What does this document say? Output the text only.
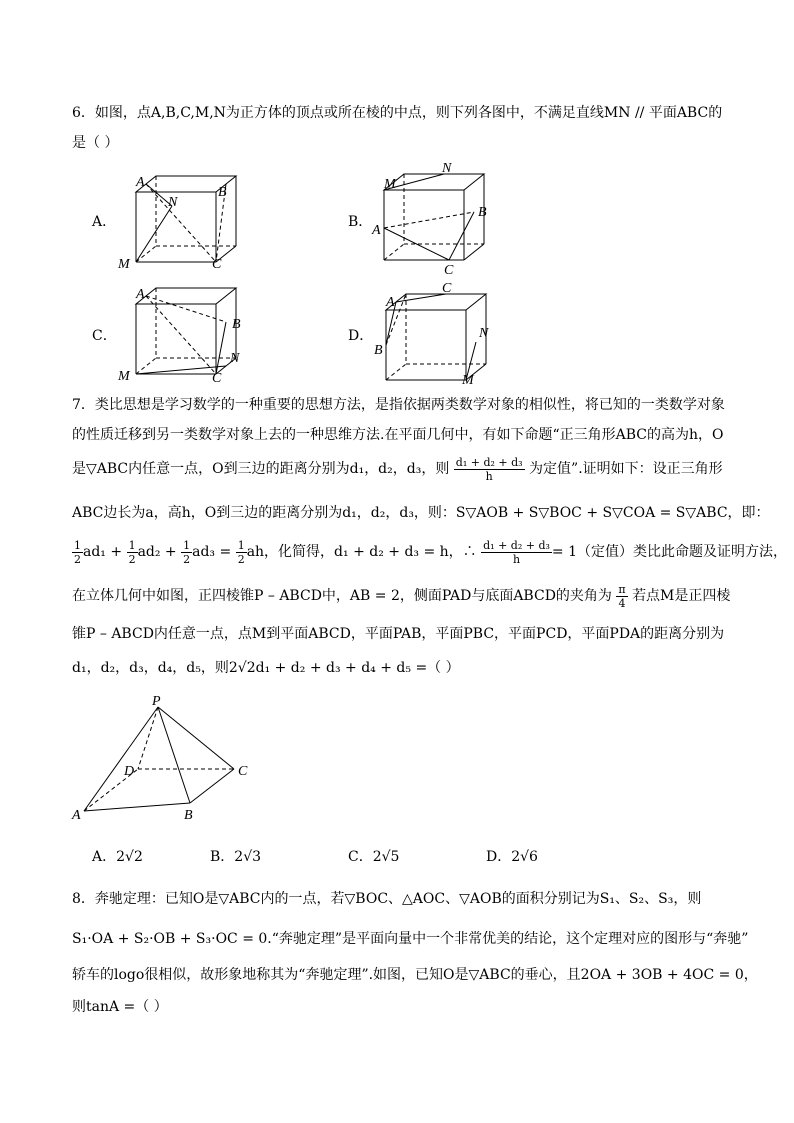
6．如图，点A,B,C,M,N为正方体的顶点或所在棱的中点，则下列各图中，不满足直线MN // 平面ABC的
是（ ）
A．	B．
C．	D．
A
B
N
M	C
M
N
B
A
C
A
B
N
M	C
A
C
B
N
M
7．类比思想是学习数学的一种重要的思想方法，是指依据两类数学对象的相似性，将已知的一类数学对象
的性质迁移到另一类数学对象上去的一种思维方法.在平面几何中，有如下命题“正三角形ABC的高为h，O
是▽ABC内任意一点，O到三边的距离分别为d₁，d₂，d₃，则 $\frac{\text{d₁ + d₂ + d₃}}{h}$ 为定值”.证明如下：设正三角形
ABC边长为a，高h，O到三边的距离分别为d₁，d₂，d₃，则：S▽AOB + S▽BOC + S▽COA = S▽ABC，即：
$\frac{1}{2} ad_1 + \frac{1}{2} ad_2 + \frac{1}{2} ad_3 = \frac{1}{2}$ ah，化简得，d₁ + d₂ + d₃ = h，∴ $\frac{\text{d₁ + d₂ + d₃}}{h} = 1$（定值）类比此命题及证明方法，
在立体几何中如图，正四棱锥P – ABCD中，AB = 2，侧面PAD与底面ABCD的夹角为 $\frac{\pi}{4}$ 若点M是正四棱
锥P – ABCD内任意一点，点M到平面ABCD，平面PAB，平面PBC，平面PCD，平面PDA的距离分别为
d₁，d₂，d₃，d₄，d₅，则2√2d₁ + d₂ + d₃ + d₄ + d₅ =（ ）
P
D	C
A	B
A．2√2	B．2√3	C．2√5	D．2√6
8．奔驰定理：已知O是▽ABC内的一点，若▽BOC、△AOC、▽AOB的面积分别记为S₁、S₂、S₃，则
S₁·OA + S₂·OB + S₃·OC = 0.“奔驰定理”是平面向量中一个非常优美的结论，这个定理对应的图形与“奔驰”
轿车的logo很相似，故形象地称其为“奔驰定理”.如图，已知O是▽ABC的垂心，且2OA + 3OB + 4OC = 0，
则tanA =（ ）
